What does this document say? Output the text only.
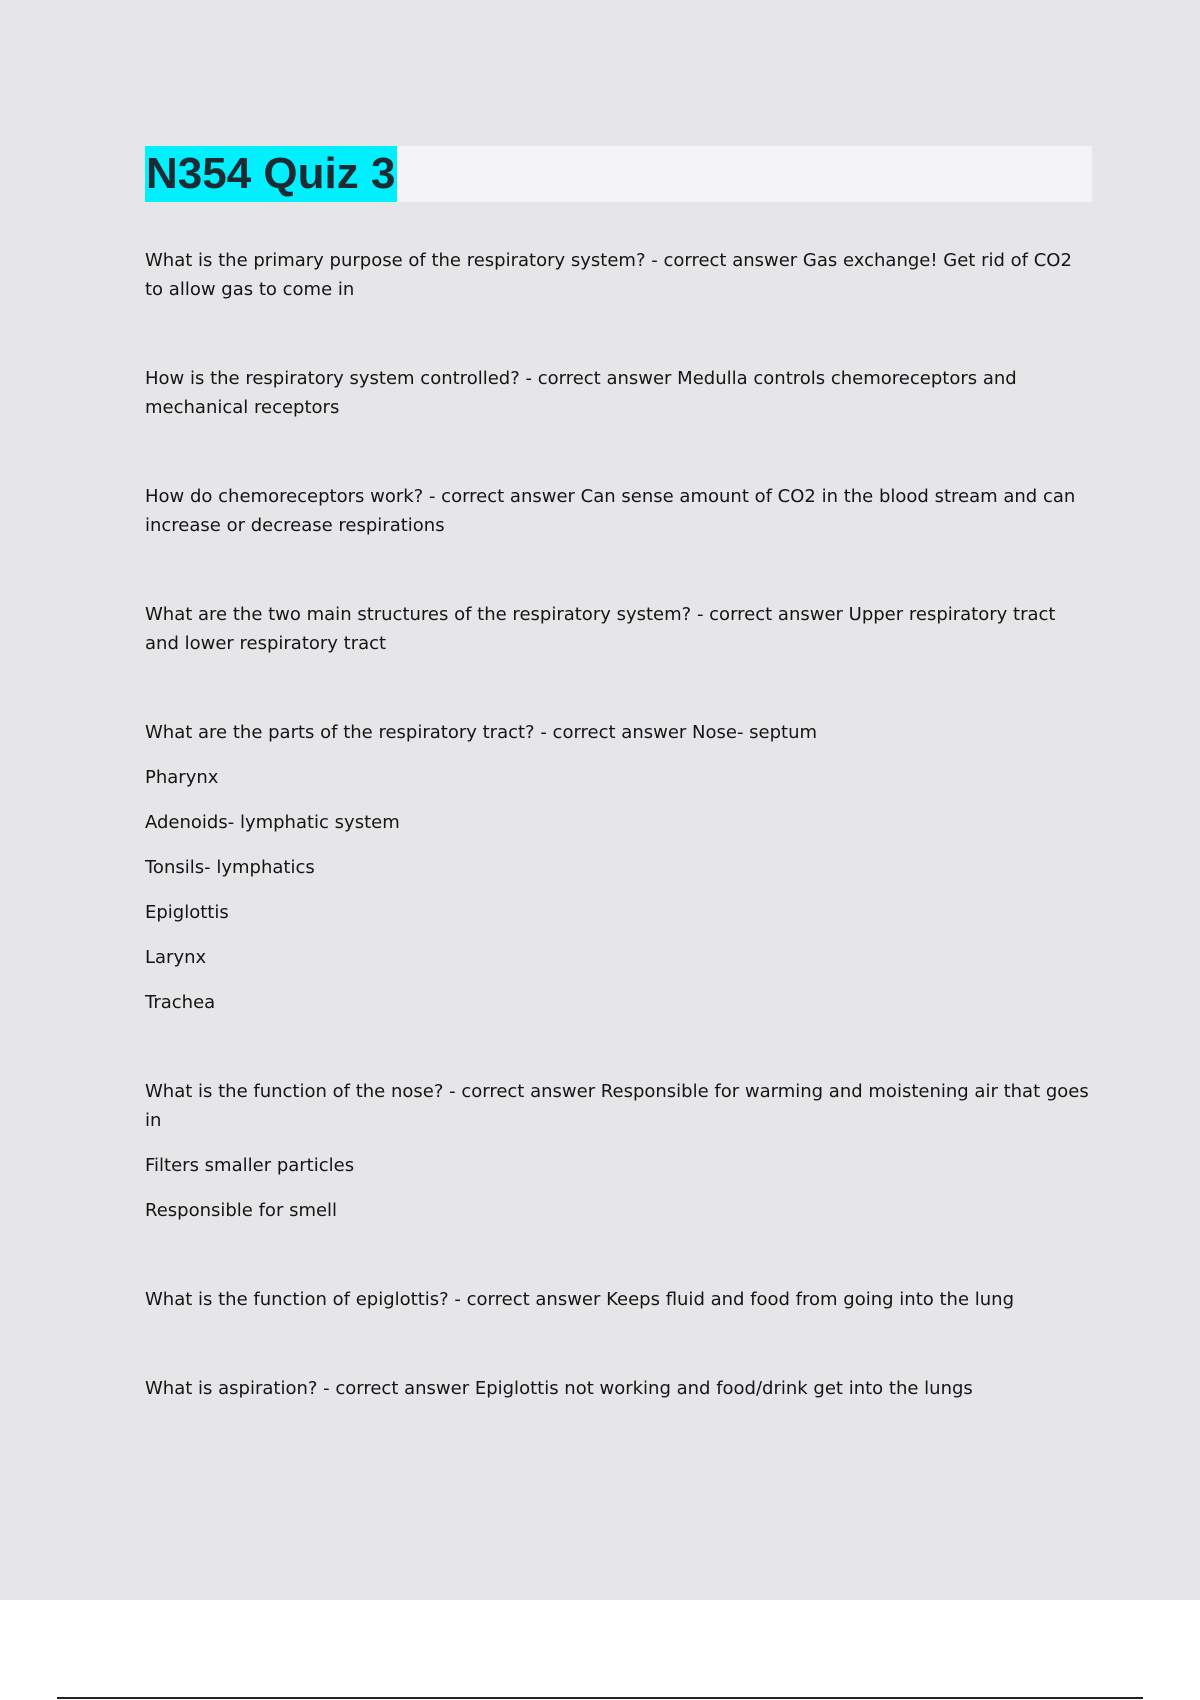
N354 Quiz 3

What is the primary purpose of the respiratory system? - correct answer Gas exchange! Get rid of CO2 to allow gas to come in

How is the respiratory system controlled? - correct answer Medulla controls chemoreceptors and mechanical receptors

How do chemoreceptors work? - correct answer Can sense amount of CO2 in the blood stream and can increase or decrease respirations

What are the two main structures of the respiratory system? - correct answer Upper respiratory tract and lower respiratory tract

What are the parts of the respiratory tract? - correct answer Nose- septum

Pharynx

Adenoids- lymphatic system

Tonsils- lymphatics

Epiglottis

Larynx

Trachea

What is the function of the nose? - correct answer Responsible for warming and moistening air that goes in

Filters smaller particles

Responsible for smell

What is the function of epiglottis? - correct answer Keeps fluid and food from going into the lung

What is aspiration? - correct answer Epiglottis not working and food/drink get into the lungs
